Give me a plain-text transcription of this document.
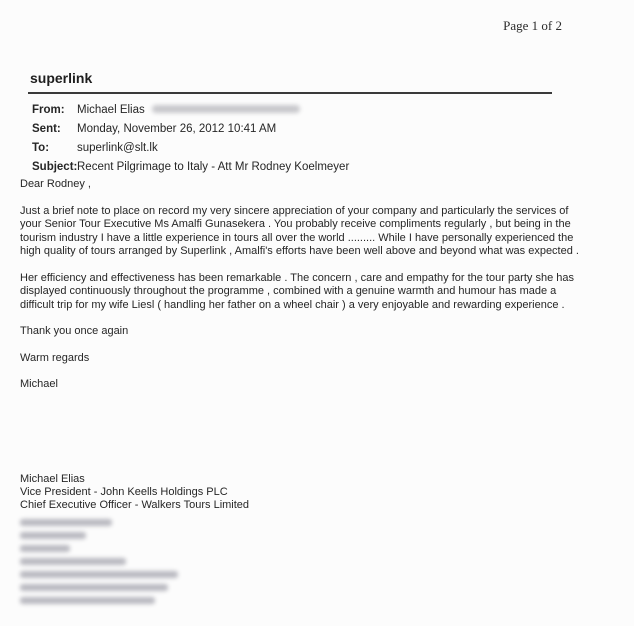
Page 1 of 2
superlink
From:	Michael Elias
Sent:	Monday, November 26, 2012 10:41 AM
To:	superlink@slt.lk
Subject: Recent Pilgrimage to Italy - Att Mr Rodney Koelmeyer

Dear Rodney ,

Just a brief note to place on record my very sincere appreciation of your company and particularly the services of your Senior Tour Executive Ms Amalfi Gunasekera . You probably receive compliments regularly , but being in the tourism industry I have a little experience in tours all over the world ......... While I have personally experienced the high quality of tours arranged by Superlink , Amalfi's efforts have been well above and beyond what was expected .

Her efficiency and effectiveness has been remarkable . The concern , care and empathy for the tour party she has displayed continuously throughout the programme , combined with a genuine warmth and humour has made a difficult trip for my wife Liesl ( handling her father on a wheel chair ) a very enjoyable and rewarding experience .

Thank you once again

Warm regards

Michael

Michael Elias
Vice President - John Keells Holdings PLC
Chief Executive Officer - Walkers Tours Limited
